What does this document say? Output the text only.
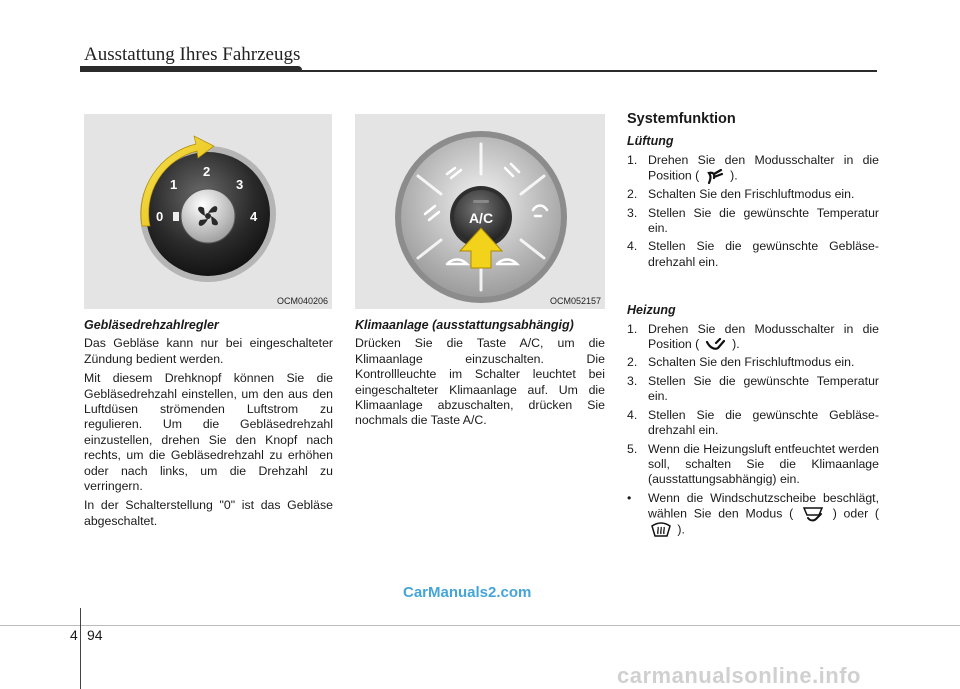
Ausstattung Ihres Fahrzeugs
0
1
2
3
4
OCM040206
A/C
OCM052157
Gebläsedrehzahlregler

Das Gebläse kann nur bei eingeschalteter Zündung bedient werden.

Mit diesem Drehknopf können Sie die Gebläsedrehzahl einstellen, um den aus den Luftdüsen strömenden Luftstrom zu regulieren. Um die Gebläsedrehzahl einzustellen, drehen Sie den Knopf nach rechts, um die Gebläsedrehzahl zu erhöhen oder nach links, um die Drehzahl zu verringern.

In der Schalterstellung "0" ist das Gebläse abgeschaltet.

Klimaanlage (ausstattungsabhängig)

Drücken Sie die Taste A/C, um die Klimaanlage einzuschalten. Die Kontrollleuchte im Schalter leuchtet bei eingeschalteter Klimaanlage auf. Um die Klimaanlage abzuschalten, drücken Sie nochmals die Taste A/C.

Systemfunktion
Lüftung
1. Drehen Sie den Modusschalter in die Position (	).
2. Schalten Sie den Frischluftmodus ein.
3. Stellen Sie die gewünschte Temperatur ein.
4. Stellen Sie die gewünschte Gebläse-drehzahl ein.
Heizung
1. Drehen Sie den Modusschalter in die Position (	).
2. Schalten Sie den Frischluftmodus ein.
3. Stellen Sie die gewünschte Temperatur ein.
4. Stellen Sie die gewünschte Gebläse-drehzahl ein.
5. Wenn die Heizungsluft entfeuchtet werden soll, schalten Sie die Klimaanlage (ausstattungsabhängig) ein.
• Wenn die Windschutzscheibe beschlägt, wählen Sie den Modus (	) oder (  ).
CarManuals2.com
4 94
carmanualsonline.info
